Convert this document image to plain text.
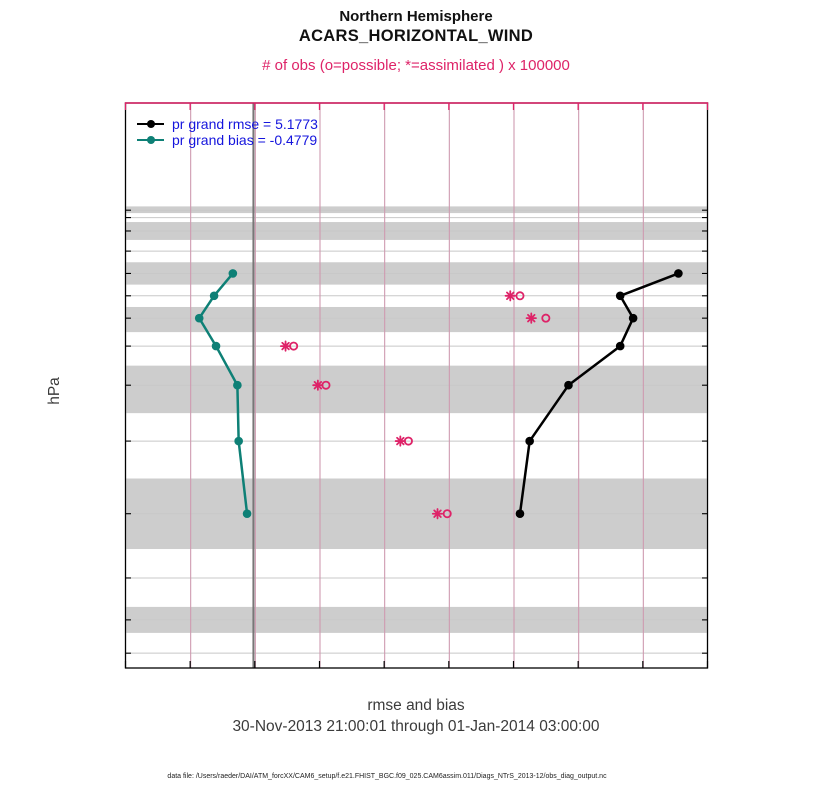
Northern Hemisphere
ACARS_HORIZONTAL_WIND
# of obs (o=possible; *=assimilated ) x 100000
hPa
rmse and bias
30-Nov-2013 21:00:01 through 01-Jan-2014 03:00:00
data file: /Users/raeder/DAI/ATM_forcXX/CAM6_setup/f.e21.FHIST_BGC.f09_025.CAM6assim.011/Diags_NTrS_2013-12/obs_diag_output.nc
pr grand rmse = 5.1773
pr grand bias = -0.4779
